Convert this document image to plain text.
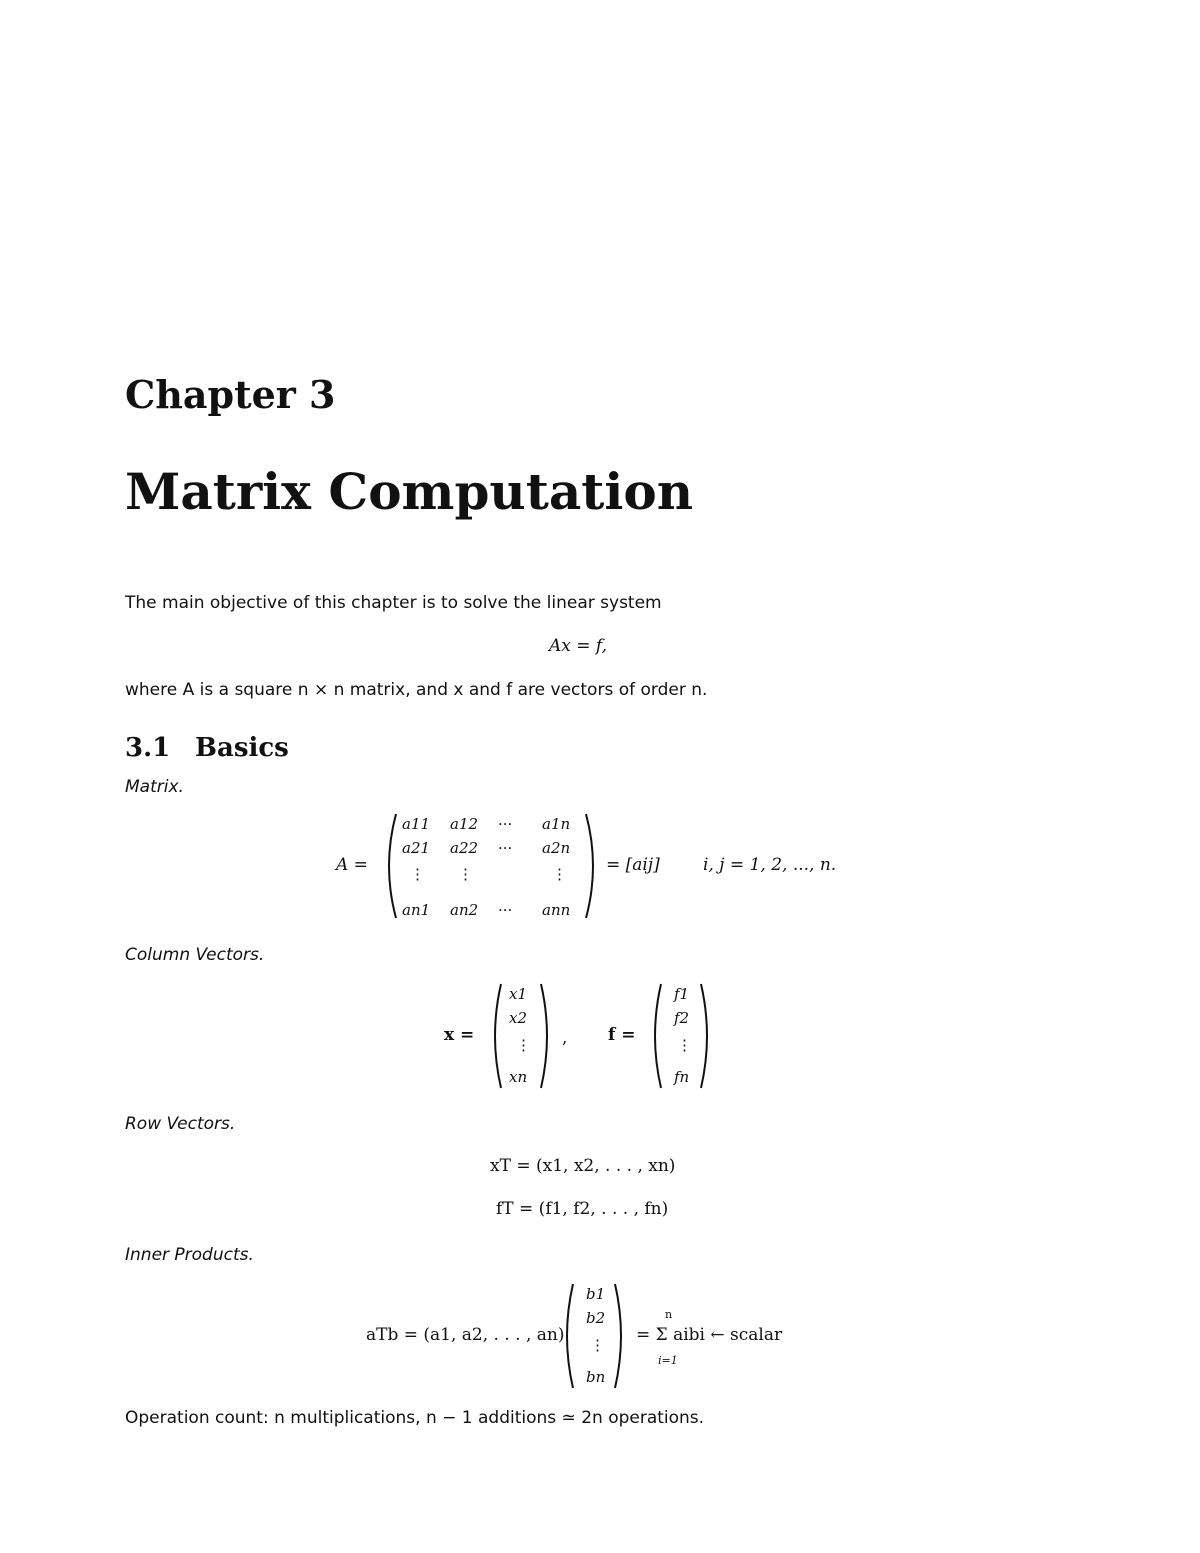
Chapter 3
Matrix Computation
The main objective of this chapter is to solve the linear system
Ax = f,
where A is a square n × n matrix, and x and f are vectors of order n.
3.1 Basics
Matrix.
A =
a11 a12 ··· a1n
a21 a22 ··· a2n
⋮ ⋮	⋮
an1 an2 ··· ann
= [aij]	i, j = 1, 2, ..., n.
Column Vectors.
x =
x1
x2
⋮
xn
, f =
f1
f2
⋮
fn
Row Vectors.
xT = (x1, x2, . . . , xn)
fT = (f1, f2, . . . , fn)
Inner Products.
aTb = (a1, a2, . . . , an)
b1
b2
⋮
bn
n
i=1
= Σ aibi ← scalar
Operation count: n multiplications, n − 1 additions ≃ 2n operations.
